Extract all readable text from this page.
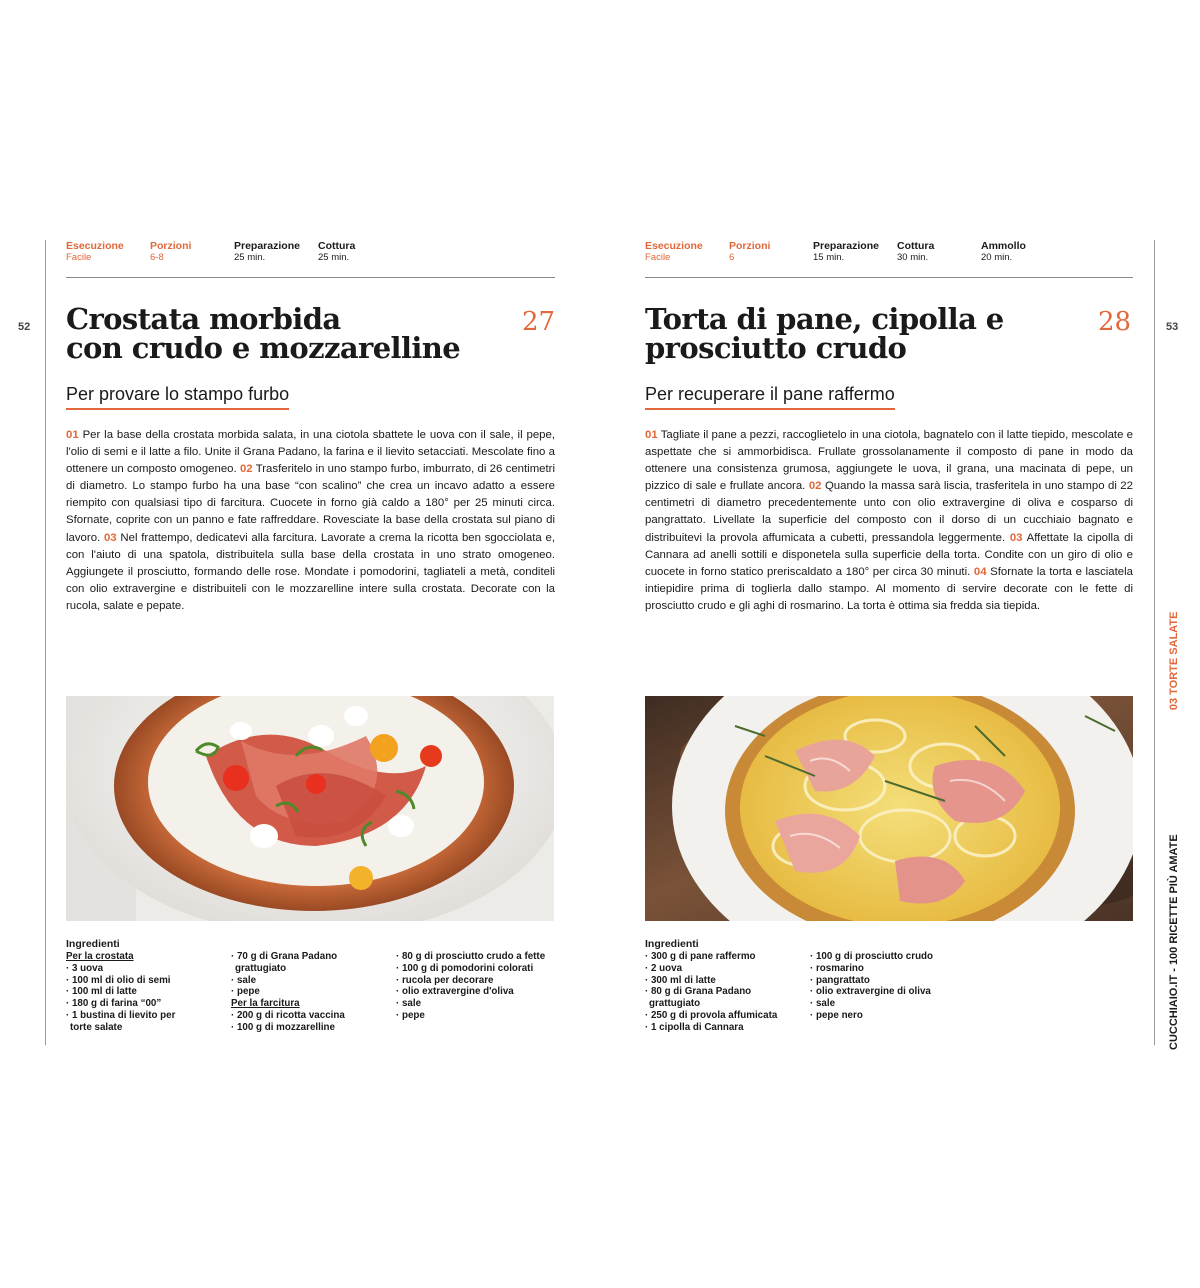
52
Esecuzione
Facile
Porzioni
6-8
Preparazione
25 min.
Cottura
25 min.
Crostata morbida
con crudo e mozzarelline
27
Per provare lo stampo furbo
01 Per la base della crostata morbida salata, in una ciotola sbattete le uova con il sale, il pepe, l'olio di semi e il latte a filo. Unite il Grana Padano, la farina e il lievito setacciati. Mescolate fino a ottenere un composto omogeneo. 02 Trasferitelo in uno stampo furbo, imburrato, di 26 centimetri di diametro. Lo stampo furbo ha una base “con scalino” che crea un incavo adatto a essere riempito con qualsiasi tipo di farcitura. Cuocete in forno già caldo a 180° per 25 minuti circa. Sfornate, coprite con un panno e fate raffreddare. Rovesciate la base della crostata sul piano di lavoro. 03 Nel frattempo, dedicatevi alla farcitura. Lavorate a crema la ricotta ben sgocciolata e, con l'aiuto di una spatola, distribuitela sulla base della crostata in uno strato omogeneo. Aggiungete il prosciutto, formando delle rose. Mondate i pomodorini, tagliateli a metà, conditeli con olio extravergine e distribuiteli con le mozzarelline intere sulla crostata. Decorate con la rucola, salate e pepate.
Ingredienti
Per la crostata
· 3 uova
· 100 ml di olio di semi
· 100 ml di latte
· 180 g di farina “00”
· 1 bustina di lievito per
torte salate
· 70 g di Grana Padano
grattugiato
· sale
· pepe
Per la farcitura
· 200 g di ricotta vaccina
· 100 g di mozzarelline
· 80 g di prosciutto crudo a fette
· 100 g di pomodorini colorati
· rucola per decorare
· olio extravergine d'oliva
· sale
· pepe
53
Esecuzione
Facile
Porzioni
6
Preparazione
15 min.
Cottura
30 min.
Ammollo
20 min.
Torta di pane, cipolla e
prosciutto crudo
28
Per recuperare il pane raffermo
01 Tagliate il pane a pezzi, raccoglietelo in una ciotola, bagnatelo con il latte tiepido, mescolate e aspettate che si ammorbidisca. Frullate grossolanamente il composto di pane in modo da ottenere una consistenza grumosa, aggiungete le uova, il grana, una macinata di pepe, un pizzico di sale e frullate ancora. 02 Quando la massa sarà liscia, trasferitela in uno stampo di 22 centimetri di diametro precedentemente unto con olio extravergine di oliva e cosparso di pangrattato. Livellate la superficie del composto con il dorso di un cucchiaio bagnato e distribuitevi la provola affumicata a cubetti, pressandola leggermente. 03 Affettate la cipolla di Cannara ad anelli sottili e disponetela sulla superficie della torta. Condite con un giro di olio e cuocete in forno statico preriscaldato a 180° per circa 30 minuti. 04 Sfornate la torta e lasciatela intiepidire prima di toglierla dallo stampo. Al momento di servire decorate con le fette di prosciutto crudo e gli aghi di rosmarino. La torta è ottima sia fredda sia tiepida.
Ingredienti
· 300 g di pane raffermo
· 2 uova
· 300 ml di latte
· 80 g di Grana Padano
grattugiato
· 250 g di provola affumicata
· 1 cipolla di Cannara
· 100 g di prosciutto crudo
· rosmarino
· pangrattato
· olio extravergine di oliva
· sale
· pepe nero	CUCCHIAIO.IT - 100 RICETTE PIÙ AMATE  03 TORTE SALATE
